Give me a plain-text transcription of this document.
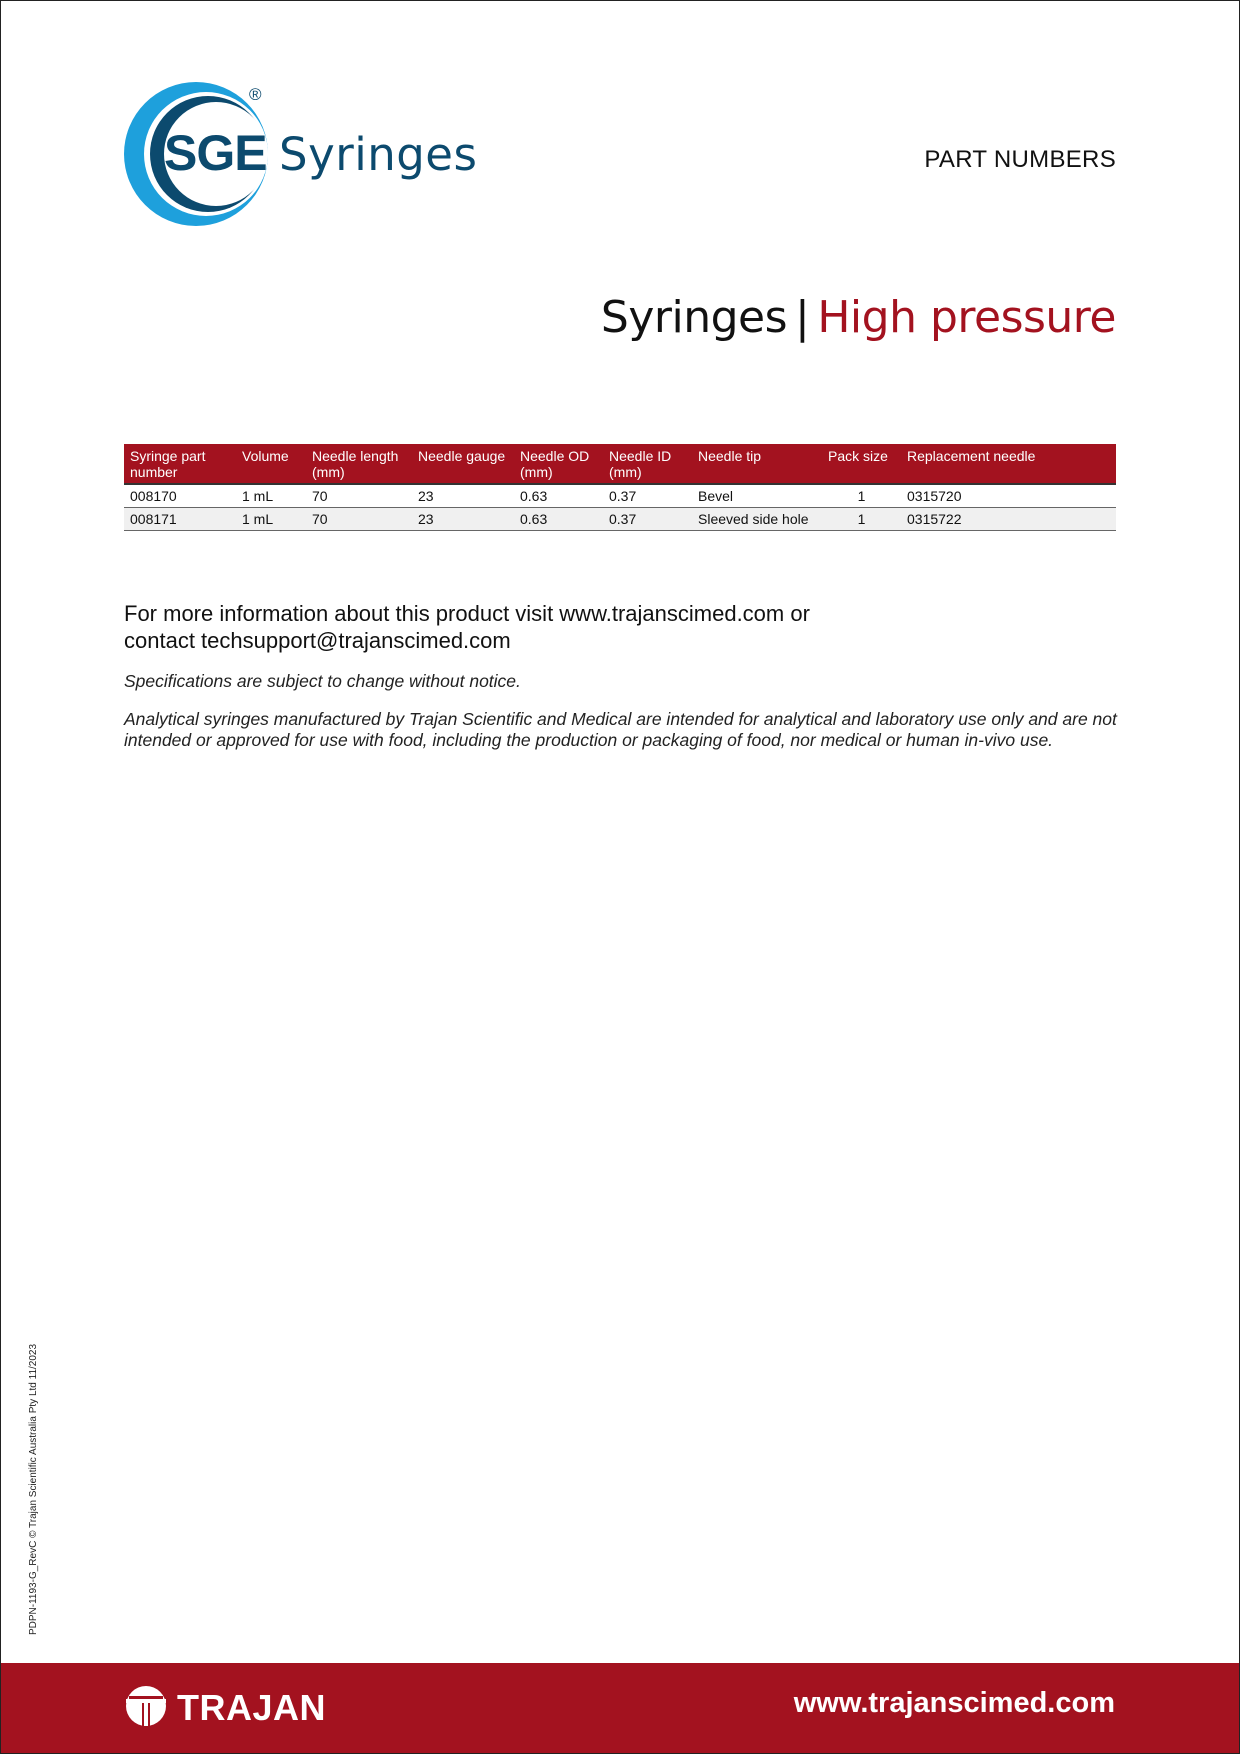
SGE Syringes
®
PART NUMBERS
Syringes | High pressure
Syringe part number	Volume	Needle length (mm)	Needle gauge	Needle OD (mm)	Needle ID (mm)	Needle tip	Pack size	Replacement needle
008170	1 mL	70	23	0.63	0.37	Bevel	1	0315720
008171	1 mL	70	23	0.63	0.37	Sleeved side hole	1	0315722
For more information about this product visit www.trajanscimed.com or
contact techsupport@trajanscimed.com
Specifications are subject to change without notice.
Analytical syringes manufactured by Trajan Scientific and Medical are intended for analytical and laboratory use only and are not intended or approved for use with food, including the production or packaging of food, nor medical or human in-vivo use.
PDPN-1193-G_RevC © Trajan Scientific Australia Pty Ltd 11/2023
TRAJAN	www.trajanscimed.com
